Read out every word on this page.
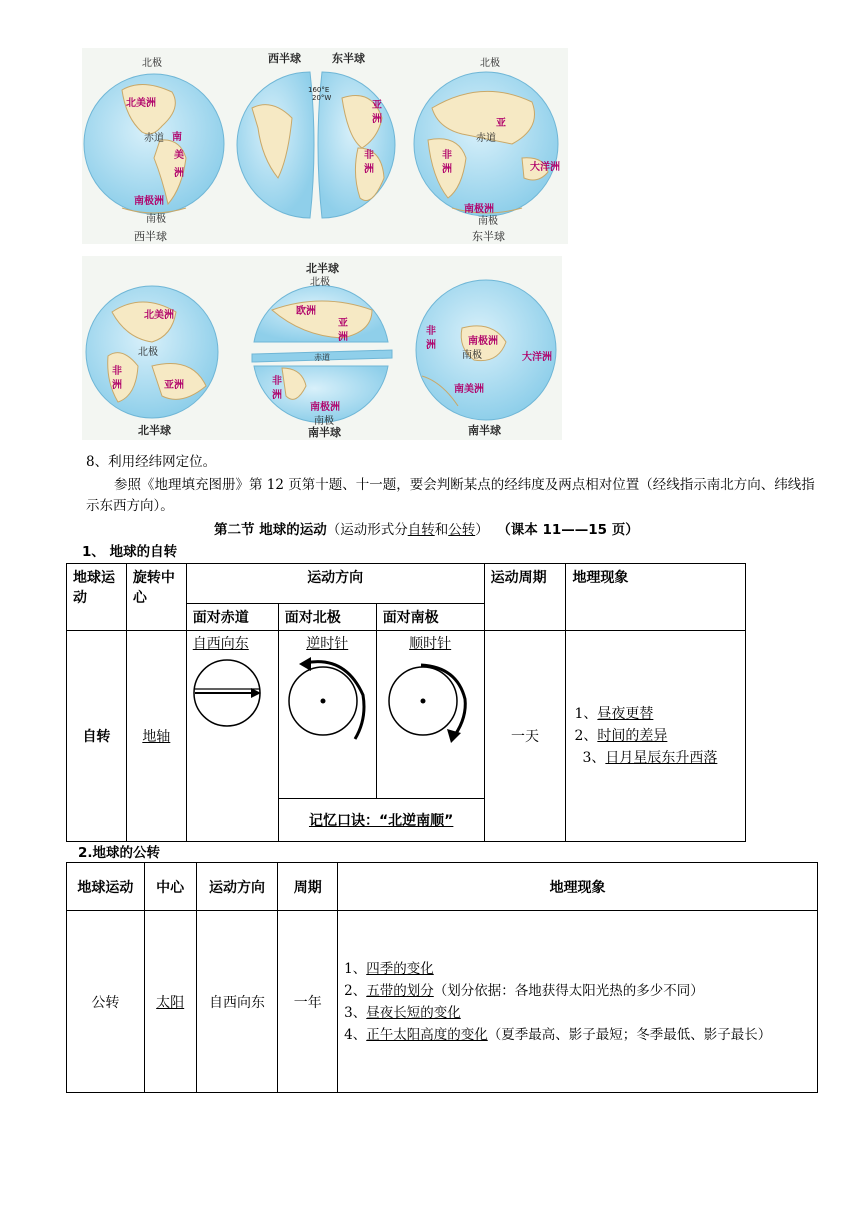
北极
赤道
北美洲
南
美
洲
南极洲
南极
西半球
西半球	东半球
160°E
20°W
亚
洲
非
洲
北极
赤道
亚
非
洲	大洋洲
南极洲
南极
东半球
北美洲
非
洲
北极
亚洲
北半球
北半球
北极
欧洲
亚
洲
赤道
非
洲
南极洲
南极
南半球
非
洲	南极洲
南极	大洋洲
南美洲
南半球
8、利用经纬网定位。
参照《地理填充图册》第 12 页第十题、十一题，要会判断某点的经纬度及两点相对位置（经线指示南北方向、纬线指示东西方向）。
第二节 地球的运动（运动形式分自转和公转） （课本 11——15 页）
1、 地球的自转
地球运动	旋转中心	运动方向			运动周期	地理现象
		面对赤道	面对北极	面对南极		
自转	地轴	自西向东	逆时针	顺时针	一天	1、昼夜更替
2、时间的差异
3、日月星辰东升西落

			记忆口诀：“北逆南顺”			
2.地球的公转
地球运动	中心	运动方向	周期	地理现象
公转	太阳	自西向东	一年	1、四季的变化
2、五带的划分（划分依据：各地获得太阳光热的多少不同）
3、昼夜长短的变化
4、正午太阳高度的变化（夏季最高、影子最短；冬季最低、影子最长）
